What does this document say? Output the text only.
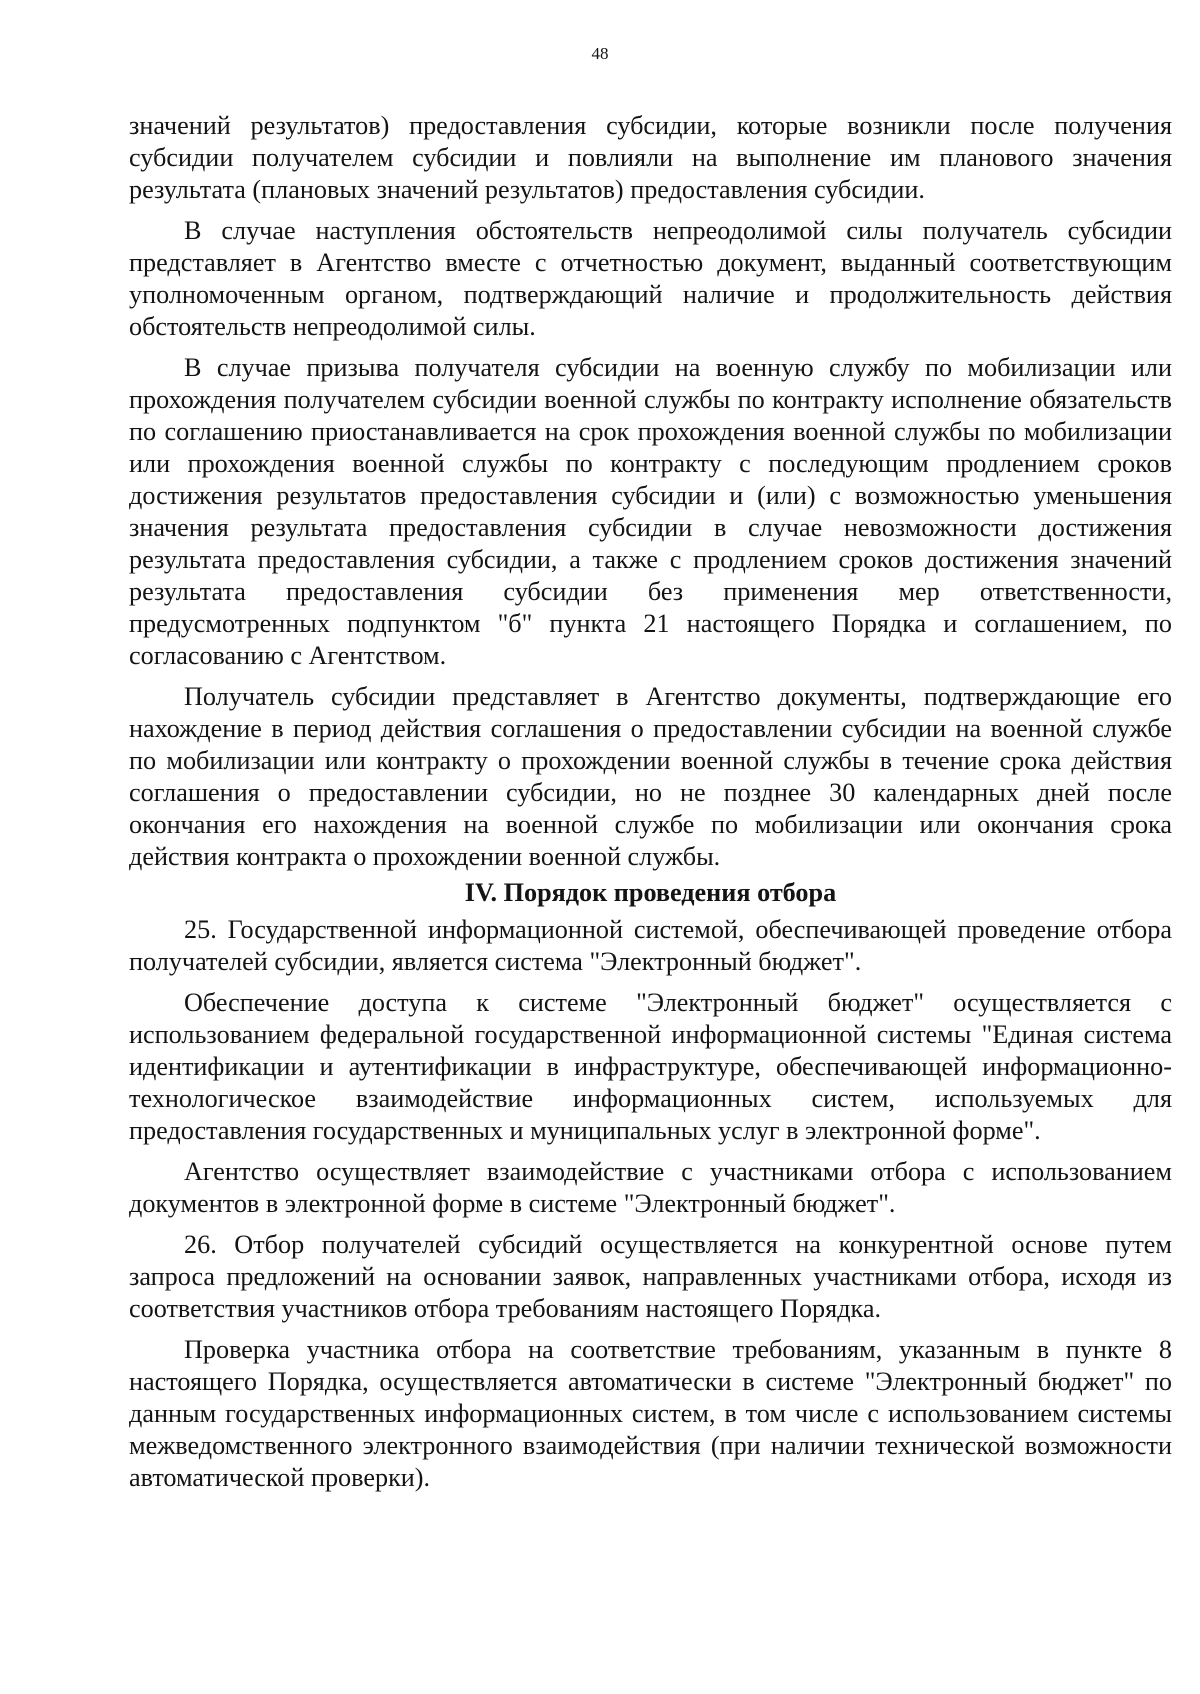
48

значений результатов) предоставления субсидии, которые возникли после получения субсидии получателем субсидии и повлияли на выполнение им планового значения результата (плановых значений результатов) предоставления субсидии.

В случае наступления обстоятельств непреодолимой силы получатель субсидии представляет в Агентство вместе с отчетностью документ, выданный соответствующим уполномоченным органом, подтверждающий наличие и продолжительность действия обстоятельств непреодолимой силы.

В случае призыва получателя субсидии на военную службу по мобилизации или прохождения получателем субсидии военной службы по контракту исполнение обязательств по соглашению приостанавливается на срок прохождения военной службы по мобилизации или прохождения военной службы по контракту с последующим продлением сроков достижения результатов предоставления субсидии и (или) с возможностью уменьшения значения результата предоставления субсидии в случае невозможности достижения результата предоставления субсидии, а также с продлением сроков достижения значений результата предоставления субсидии без применения мер ответственности, предусмотренных подпунктом "б" пункта 21 настоящего Порядка и соглашением, по согласованию с Агентством.

Получатель субсидии представляет в Агентство документы, подтверждающие его нахождение в период действия соглашения о предоставлении субсидии на военной службе по мобилизации или контракту о прохождении военной службы в течение срока действия соглашения о предоставлении субсидии, но не позднее 30 календарных дней после окончания его нахождения на военной службе по мобилизации или окончания срока действия контракта о прохождении военной службы.

IV. Порядок проведения отбора

25. Государственной информационной системой, обеспечивающей проведение отбора получателей субсидии, является система "Электронный бюджет".

Обеспечение доступа к системе "Электронный бюджет" осуществляется с использованием федеральной государственной информационной системы "Единая система идентификации и аутентификации в инфраструктуре, обеспечивающей информационно-технологическое взаимодействие информационных систем, используемых для предоставления государственных и муниципальных услуг в электронной форме".

Агентство осуществляет взаимодействие с участниками отбора с использованием документов в электронной форме в системе "Электронный бюджет".

26. Отбор получателей субсидий осуществляется на конкурентной основе путем запроса предложений на основании заявок, направленных участниками отбора, исходя из соответствия участников отбора требованиям настоящего Порядка.

Проверка участника отбора на соответствие требованиям, указанным в пункте 8 настоящего Порядка, осуществляется автоматически в системе "Электронный бюджет" по данным государственных информационных систем, в том числе с использованием системы межведомственного электронного взаимодействия (при наличии технической возможности автоматической проверки).
